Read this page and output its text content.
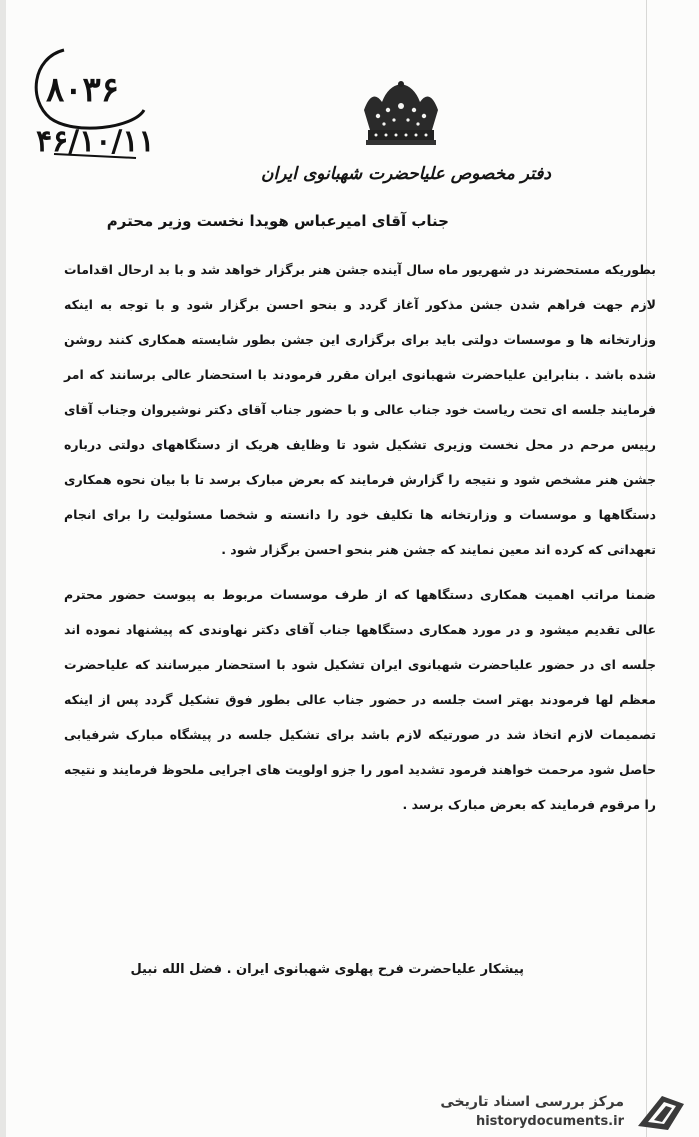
۸۰۳۶
۴۶/۱۰/۱۱
دفتر مخصوص علیاحضرت شهبانوی ایران
جناب آقای امیرعباس هویدا نخست وزیر محترم

بطوریکه مستحضرند در شهریور ماه سال آینده جشن هنر برگزار خواهد شد و با بد ارحال اقدامات لازم جهت فراهم شدن جشن مذکور آغاز گردد و بنحو احسن برگزار شود و با توجه به اینکه وزارتخانه ها و موسسات دولتی باید برای برگزاری این جشن بطور شایسته همکاری کنند روشن شده باشد . بنابراین علیاحضرت شهبانوی ایران مقرر فرمودند با استحضار عالی برسانند که امر فرمایند جلسه ای تحت ریاست خود جناب عالی و با حضور جناب آقای دکتر نوشیروان وجناب آقای رییس مرحم در محل نخست وزیری تشکیل شود تا وظایف هریک از دستگاههای دولتی درباره جشن هنر مشخص شود و نتیجه را گزارش فرمایند که بعرض مبارک برسد تا با بیان نحوه همکاری دستگاهها و موسسات و وزارتخانه ها تکلیف خود را دانسته و شخصا مسئولیت را برای انجام تعهداتی که کرده اند معین نمایند که جشن هنر بنحو احسن برگزار شود .

ضمنا مراتب اهمیت همکاری دستگاهها که از طرف موسسات مربوط به پیوست حضور محترم عالی تقدیم میشود و در مورد همکاری دستگاهها جناب آقای دکتر نهاوندی که پیشنهاد نموده اند جلسه ای در حضور علیاحضرت شهبانوی ایران تشکیل شود با استحضار میرسانند که علیاحضرت معظم لها فرمودند بهتر است جلسه در حضور جناب عالی بطور فوق تشکیل گردد پس از اینکه تصمیمات لازم اتخاذ شد در صورتیکه لازم باشد برای تشکیل جلسه در پیشگاه مبارک شرفیابی حاصل شود مرحمت خواهند فرمود تشدید امور را جزو اولویت های اجرایی ملحوظ فرمایند و نتیجه را مرقوم فرمایند که بعرض مبارک برسد .

پیشکار علیاحضرت فرح پهلوی شهبانوی ایران . فضل الله نبیل
مرکز بررسی اسناد تاریخی
historydocuments.ir
